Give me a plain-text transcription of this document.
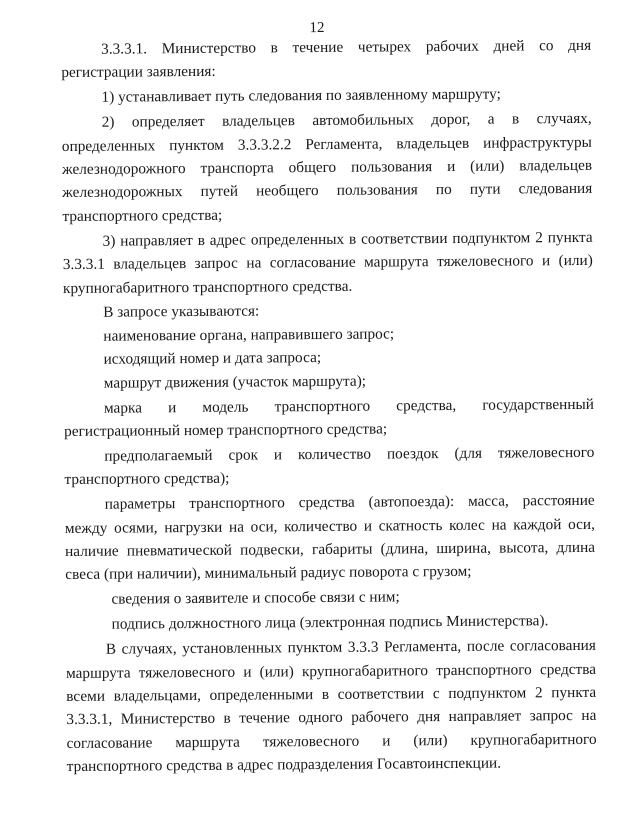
12
3.3.3.1. Министерство в течение четырех рабочих дней со дня
регистрации заявления:
1) устанавливает путь следования по заявленному маршруту;
2) определяет владельцев автомобильных дорог, а в случаях,
определенных пунктом 3.3.3.2.2 Регламента, владельцев инфраструктуры
железнодорожного транспорта общего пользования и (или) владельцев
железнодорожных путей необщего пользования по пути следования
транспортного средства;
3) направляет в адрес определенных в соответствии подпунктом 2 пункта
3.3.3.1 владельцев запрос на согласование маршрута тяжеловесного и (или)
крупногабаритного транспортного средства.
В запросе указываются:
наименование органа, направившего запрос;
исходящий номер и дата запроса;
маршрут движения (участок маршрута);
марка и модель транспортного средства, государственный
регистрационный номер транспортного средства;
предполагаемый срок и количество поездок (для тяжеловесного
транспортного средства);
параметры транспортного средства (автопоезда): масса, расстояние
между осями, нагрузки на оси, количество и скатность колес на каждой оси,
наличие пневматической подвески, габариты (длина, ширина, высота, длина
свеса (при наличии), минимальный радиус поворота с грузом;
сведения о заявителе и способе связи с ним;
подпись должностного лица (электронная подпись Министерства).
В случаях, установленных пунктом 3.3.3 Регламента, после согласования
маршрута тяжеловесного и (или) крупногабаритного транспортного средства
всеми владельцами, определенными в соответствии с подпунктом 2 пункта
3.3.3.1, Министерство в течение одного рабочего дня направляет запрос на
согласование маршрута тяжеловесного и (или) крупногабаритного
транспортного средства в адрес подразделения Госавтоинспекции.
